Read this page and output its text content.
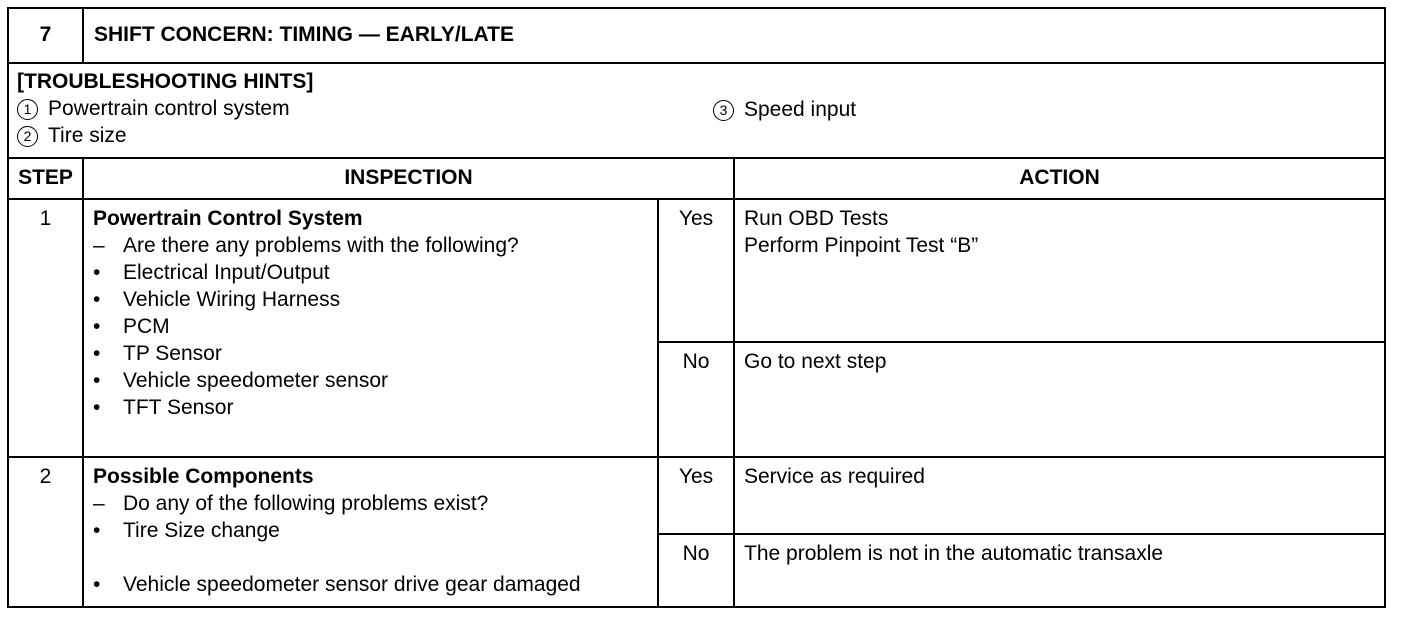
7	SHIFT CONCERN: TIMING — EARLY/LATE
[TROUBLESHOOTING HINTS]
1 Powertrain control system
2 Tire size
3 Speed input
STEP	INSPECTION	ACTION
1	Powertrain Control System
– Are there any problems with the following?
• Electrical Input/Output
• Vehicle Wiring Harness
• PCM
• TP Sensor
• Vehicle speedometer sensor
• TFT Sensor
Yes	Run OBD Tests
Perform Pinpoint Test “B”
No	Go to next step
2	Possible Components
– Do any of the following problems exist?
• Tire Size change
• Vehicle speedometer sensor drive gear damaged
Yes	Service as required
No	The problem is not in the automatic transaxle
